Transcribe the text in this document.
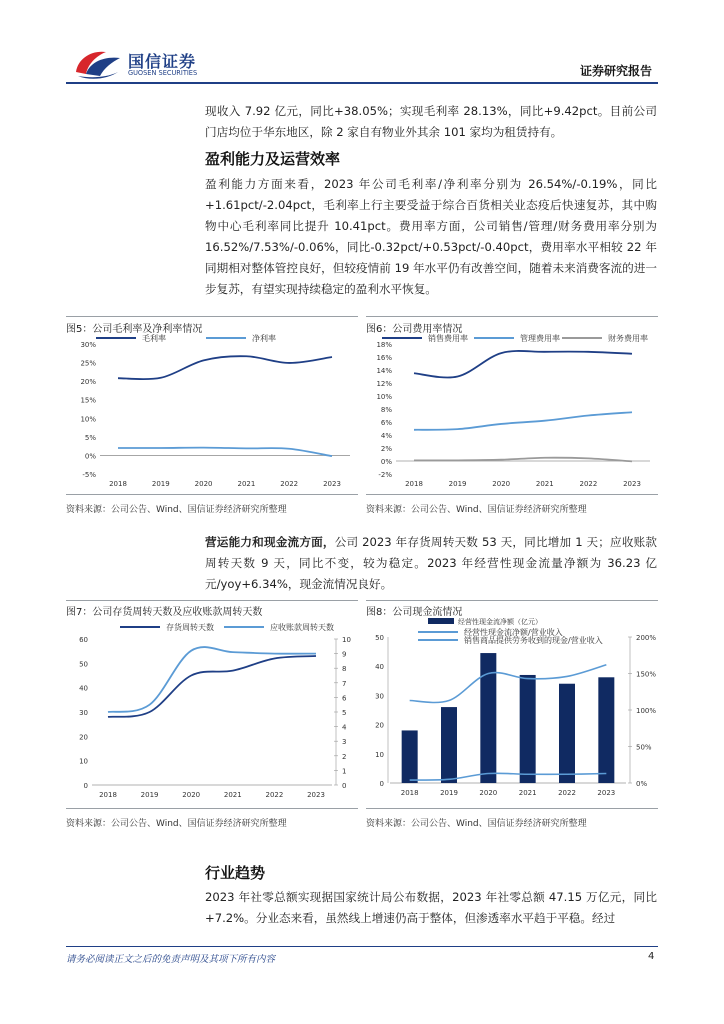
国信证券
GUOSEN SECURITIES	证券研究报告

现收入 7.92 亿元，同比+38.05%；实现毛利率 28.13%，同比+9.42pct。目前公司门店均位于华东地区，除 2 家自有物业外其余 101 家均为租赁持有。

盈利能力及运营效率

盈利能力方面来看，2023 年公司毛利率/净利率分别为 26.54%/-0.19%，同比+1.61pct/-2.04pct，毛利率上行主要受益于综合百货相关业态疫后快速复苏，其中购物中心毛利率同比提升 10.41pct。费用率方面，公司销售/管理/财务费用率分别为 16.52%/7.53%/-0.06%，同比-0.32pct/+0.53pct/-0.40pct，费用率水平相较 22 年同期相对整体管控良好，但较疫情前 19 年水平仍有改善空间，随着未来消费客流的进一步复苏，有望实现持续稳定的盈利水平恢复。

图5：公司毛利率及净利率情况	图6：公司费用率情况
30%
25%
20%
15%
10%
5%
0%
-5%
2018	2019	2020	2021	2022	2023
毛利率	净利率
18%
16%
14%
12%
10%
8%
6%
4%
2%
0%
-2%
2018	2019	2020	2021	2022	2023
销售费用率	管理费用率	财务费用率
资料来源：公司公告、Wind、国信证券经济研究所整理	资料来源：公司公告、Wind、国信证券经济研究所整理

营运能力和现金流方面，公司 2023 年存货周转天数 53 天，同比增加 1 天；应收账款周转天数 9 天，同比不变，较为稳定。2023 年经营性现金流量净额为 36.23 亿元/yoy+6.34%，现金流情况良好。

图7：公司存货周转天数及应收账款周转天数	图8：公司现金流情况
60
50
40
30
20
10
0
10
9
8
7
6
5
4
3
2
1
0
2018	2019	2020	2021	2022	2023
存货周转天数	应收账款周转天数
50
40
30
20
10
0
200%
150%
100%
50%
0%
2018	2019	2020	2021	2022	2023
经营性现金流净额（亿元）
经营性现金流净额/营业收入
销售商品提供劳务收到的现金/营业收入
资料来源：公司公告、Wind、国信证券经济研究所整理	资料来源：公司公告、Wind、国信证券经济研究所整理
行业趋势

2023 年社零总额实现据国家统计局公布数据，2023 年社零总额 47.15 万亿元，同比+7.2%。分业态来看，虽然线上增速仍高于整体，但渗透率水平趋于平稳。经过

请务必阅读正文之后的免责声明及其项下所有内容	4
